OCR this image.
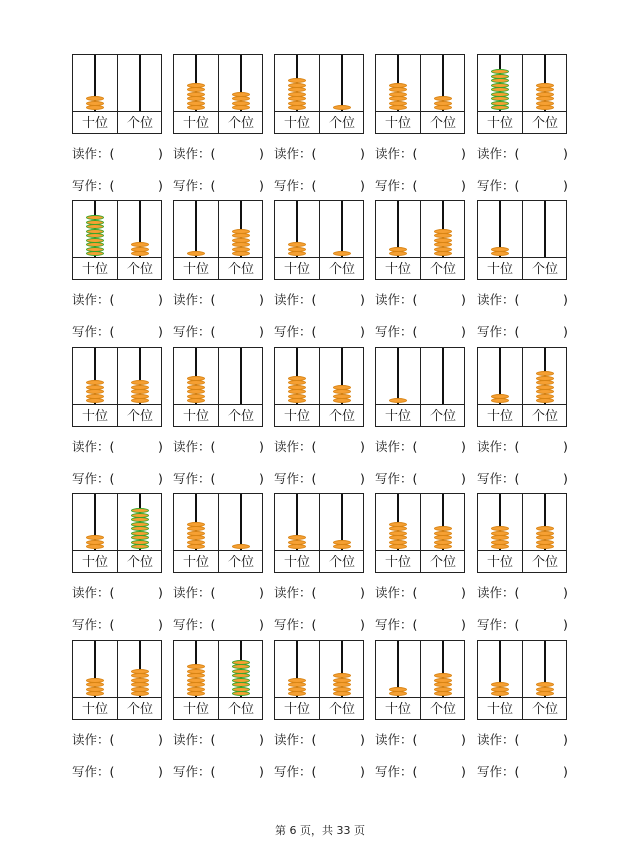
十位	个位
读作：(	)
写作：(	)
十位	个位
读作：(	)
写作：(	)
十位	个位
读作：(	)
写作：(	)
十位	个位
读作：(	)
写作：(	)
十位	个位
读作：(	)
写作：(	)
十位	个位
读作：(	)
写作：(	)
十位	个位
读作：(	)
写作：(	)
十位	个位
读作：(	)
写作：(	)
十位	个位
读作：(	)
写作：(	)
十位	个位
读作：(	)
写作：(	)
十位	个位
读作：(	)
写作：(	)
十位	个位
读作：(	)
写作：(	)
十位	个位
读作：(	)
写作：(	)
十位	个位
读作：(	)
写作：(	)
十位	个位
读作：(	)
写作：(	)
十位	个位
读作：(	)
写作：(	)
十位	个位
读作：(	)
写作：(	)
十位	个位
读作：(	)
写作：(	)
十位	个位
读作：(	)
写作：(	)
十位	个位
读作：(	)
写作：(	)
十位	个位
读作：(	)
写作：(	)
十位	个位
读作：(	)
写作：(	)
十位	个位
读作：(	)
写作：(	)
十位	个位
读作：(	)
写作：(	)
十位	个位
读作：(	)
写作：(	)
第 6 页，共 33 页
